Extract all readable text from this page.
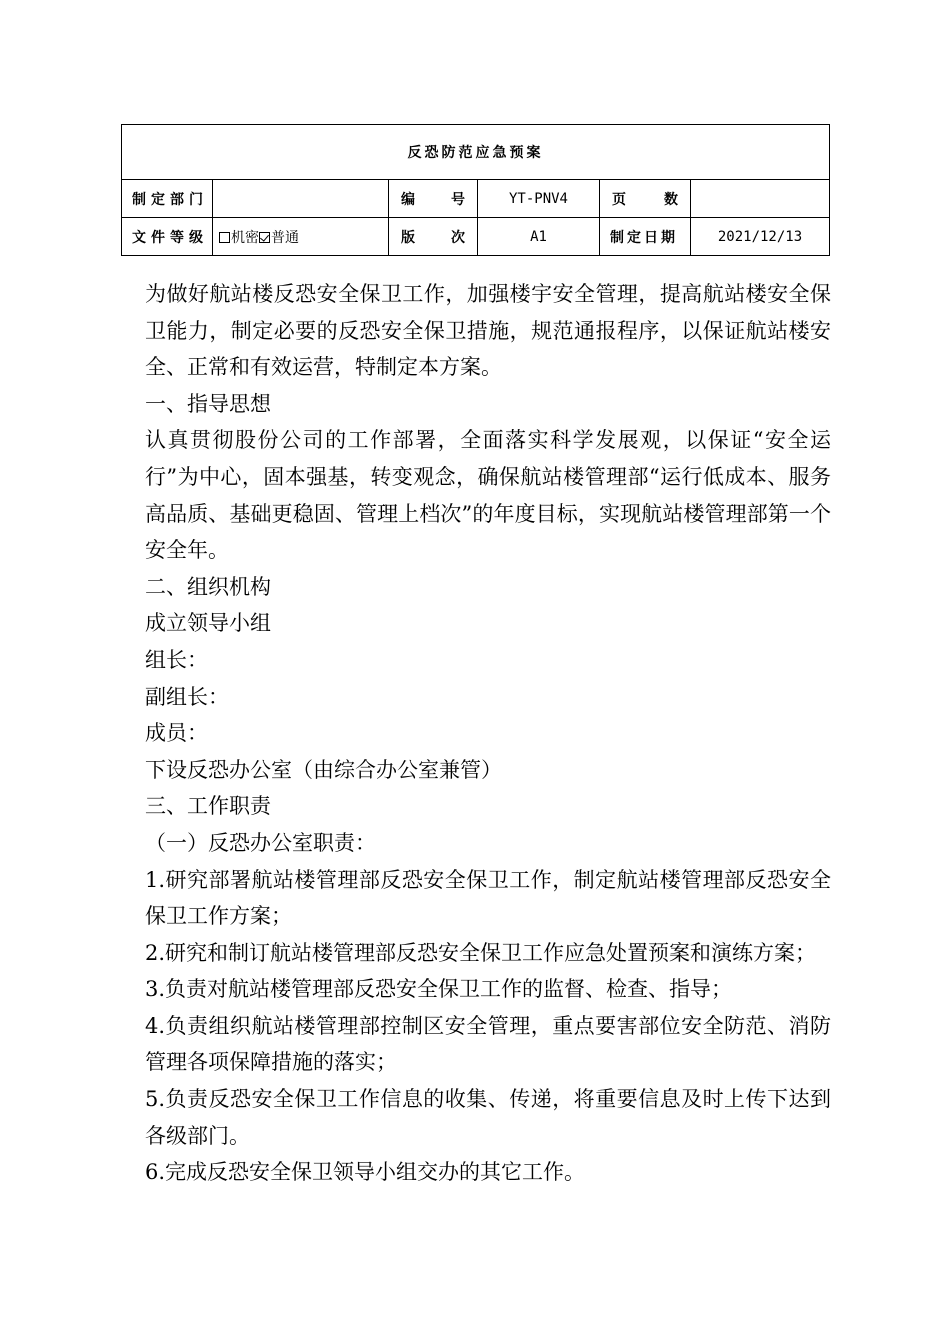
反恐防范应急预案					
制定部门		编 号	YT-PNV4	页 数	

文件等级	机密 普通	版 次	A1	制定日期	2021/12/13

为做好航站楼反恐安全保卫工作，加强楼宇安全管理，提高航站楼安全保卫能力，制定必要的反恐安全保卫措施，规范通报程序，以保证航站楼安全、正常和有效运营，特制定本方案。

一、指导思想

认真贯彻股份公司的工作部署，全面落实科学发展观，以保证“安全运行”为中心，固本强基，转变观念，确保航站楼管理部“运行低成本、服务高品质、基础更稳固、管理上档次”的年度目标，实现航站楼管理部第一个安全年。

二、组织机构

成立领导小组

组长：

副组长：

成员：

下设反恐办公室（由综合办公室兼管）

三、工作职责

（一）反恐办公室职责：

1.研究部署航站楼管理部反恐安全保卫工作，制定航站楼管理部反恐安全保卫工作方案；

2.研究和制订航站楼管理部反恐安全保卫工作应急处置预案和演练方案；

3.负责对航站楼管理部反恐安全保卫工作的监督、检查、指导；

4.负责组织航站楼管理部控制区安全管理，重点要害部位安全防范、消防管理各项保障措施的落实；

5.负责反恐安全保卫工作信息的收集、传递，将重要信息及时上传下达到各级部门。

6.完成反恐安全保卫领导小组交办的其它工作。
